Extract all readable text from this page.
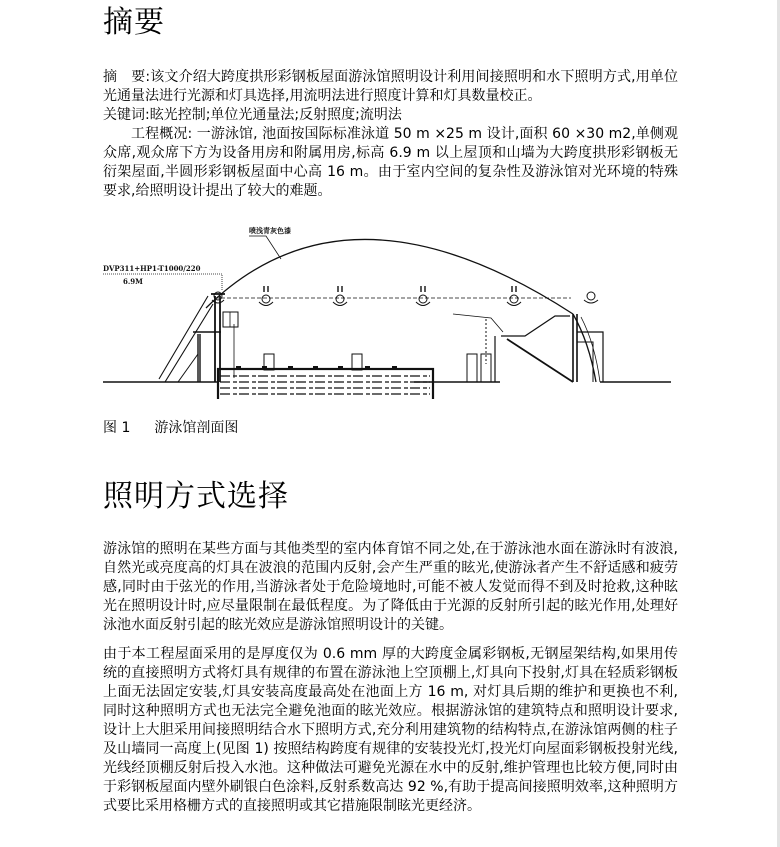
摘要

摘　要:该文介绍大跨度拱形彩钢板屋面游泳馆照明设计利用间接照明和水下照明方式,用单位光通量法进行光源和灯具选择,用流明法进行照度计算和灯具数量校正。

关键词:眩光控制;单位光通量法;反射照度;流明法

工程概况: 一游泳馆, 池面按国际标准泳道 50 m ×25 m 设计,面积 60 ×30 m2,单侧观众席,观众席下方为设备用房和附属用房,标高 6.9 m 以上屋顶和山墙为大跨度拱形彩钢板无衍架屋面,半圆形彩钢板屋面中心高 16 m。由于室内空间的复杂性及游泳馆对光环境的特殊要求,给照明设计提出了较大的难题。

喷浅青灰色漆
DVP311+HP1-T1000/220
6.9M
图 1 游泳馆剖面图
照明方式选择

游泳馆的照明在某些方面与其他类型的室内体育馆不同之处,在于游泳池水面在游泳时有波浪,自然光或亮度高的灯具在波浪的范围内反射,会产生严重的眩光,使游泳者产生不舒适感和疲劳感,同时由于弦光的作用,当游泳者处于危险境地时,可能不被人发觉而得不到及时抢救,这种眩光在照明设计时,应尽量限制在最低程度。为了降低由于光源的反射所引起的眩光作用,处理好泳池水面反射引起的眩光效应是游泳馆照明设计的关键。

由于本工程屋面采用的是厚度仅为 0.6 mm 厚的大跨度金属彩钢板,无钢屋架结构,如果用传统的直接照明方式将灯具有规律的布置在游泳池上空顶棚上,灯具向下投射,灯具在轻质彩钢板上面无法固定安装,灯具安装高度最高处在池面上方 16 m, 对灯具后期的维护和更换也不利,同时这种照明方式也无法完全避免池面的眩光效应。根据游泳馆的建筑特点和照明设计要求,设计上大胆采用间接照明结合水下照明方式,充分利用建筑物的结构特点,在游泳馆两侧的柱子及山墙同一高度上(见图 1) 按照结构跨度有规律的安装投光灯,投光灯向屋面彩钢板投射光线,光线经顶棚反射后投入水池。这种做法可避免光源在水中的反射,维护管理也比较方便,同时由于彩钢板屋面内壁外刷银白色涂料,反射系数高达 92 %,有助于提高间接照明效率,这种照明方式要比采用格栅方式的直接照明或其它措施限制眩光更经济。
